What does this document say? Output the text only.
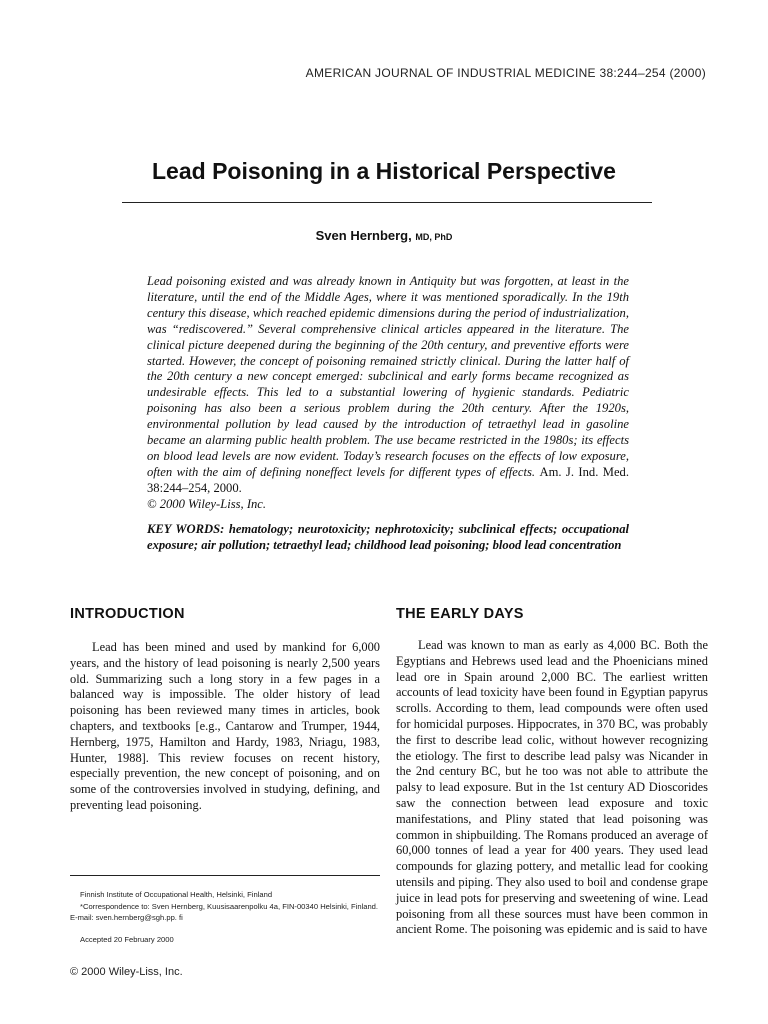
AMERICAN JOURNAL OF INDUSTRIAL MEDICINE 38:244–254 (2000)
Lead Poisoning in a Historical Perspective
Sven Hernberg, MD, PhD
Lead poisoning existed and was already known in Antiquity but was forgotten, at least in the literature, until the end of the Middle Ages, where it was mentioned sporadically. In the 19th century this disease, which reached epidemic dimensions during the period of industrialization, was “rediscovered.” Several comprehensive clinical articles appeared in the literature. The clinical picture deepened during the beginning of the 20th century, and preventive efforts were started. However, the concept of poisoning remained strictly clinical. During the latter half of the 20th century a new concept emerged: subclinical and early forms became recognized as undesirable effects. This led to a substantial lowering of hygienic standards. Pediatric poisoning has also been a serious problem during the 20th century. After the 1920s, environmental pollution by lead caused by the introduction of tetraethyl lead in gasoline became an alarming public health problem. The use became restricted in the 1980s; its effects on blood lead levels are now evident. Today’s research focuses on the effects of low exposure, often with the aim of defining noneffect levels for different types of effects. Am. J. Ind. Med. 38:244–254, 2000.
© 2000 Wiley-Liss, Inc.
KEY WORDS: hematology; neurotoxicity; nephrotoxicity; subclinical effects; occupational exposure; air pollution; tetraethyl lead; childhood lead poisoning; blood lead concentration
INTRODUCTION	THE EARLY DAYS

Lead has been mined and used by mankind for 6,000 years, and the history of lead poisoning is nearly 2,500 years old. Summarizing such a long story in a few pages in a balanced way is impossible. The older history of lead poisoning has been reviewed many times in articles, book chapters, and textbooks [e.g., Cantarow and Trumper, 1944, Hernberg, 1975, Hamilton and Hardy, 1983, Nriagu, 1983, Hunter, 1988]. This review focuses on recent history, especially prevention, the new concept of poisoning, and on some of the controversies involved in studying, defining, and preventing lead poisoning.

Lead was known to man as early as 4,000 BC. Both the Egyptians and Hebrews used lead and the Phoenicians mined lead ore in Spain around 2,000 BC. The earliest written accounts of lead toxicity have been found in Egyptian papyrus scrolls. According to them, lead compounds were often used for homicidal purposes. Hippocrates, in 370 BC, was probably the first to describe lead colic, without however recognizing the etiology. The first to describe lead palsy was Nicander in the 2nd century BC, but he too was not able to attribute the palsy to lead exposure. But in the 1st century AD Dioscorides saw the connection between lead exposure and toxic manifestations, and Pliny stated that lead poisoning was common in shipbuilding. The Romans produced an average of 60,000 tonnes of lead a year for 400 years. They used lead compounds for glazing pottery, and metallic lead for cooking utensils and piping. They also used to boil and condense grape juice in lead pots for preserving and sweetening of wine. Lead poisoning from all these sources must have been common in ancient Rome. The poisoning was epidemic and is said to have

Finnish Institute of Occupational Health, Helsinki, Finland
*Correspondence to: Sven Hernberg, Kuusisaarenpolku 4a, FIN-00340 Helsinki, Finland.
E-mail: sven.hernberg@sgh.pp. fi
Accepted 20 February 2000
© 2000 Wiley-Liss, Inc.
